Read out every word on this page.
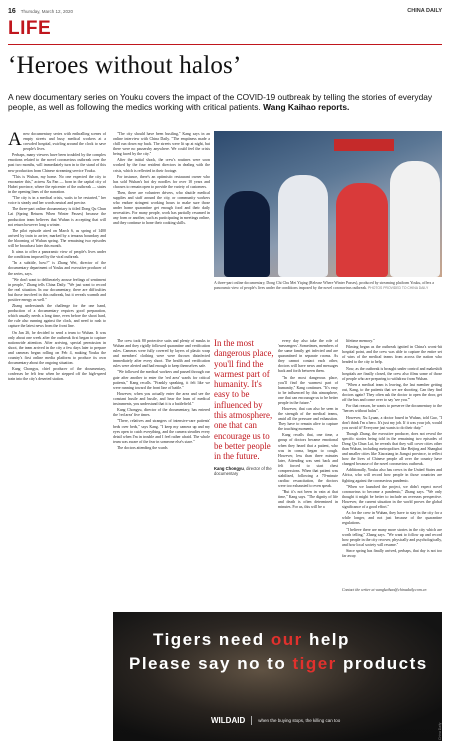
16 Thursday, March 12, 2020	CHINA DAILY
LIFE
‘Heroes without halos’
A new documentary series on Youku covers the impact of the COVID-19 outbreak by telling the stories of everyday people, as well as following the medics working with critical patients. Wang Kaihao reports.

Anew documentary series with enthralling scenes of empty streets and busy medical workers at a crowded hospital, swirling around the clock to save people's lives.

Perhaps, many viewers have been troubled by the complex emotions related to the novel coronavirus outbreak over the past two months, will immediately turn in to the stand of this new production from Chinese streaming service Youku.

"This is Wuhan, my home. No one expected the city to encounter this," actress Xu Fan — born in the capital city of Hubei province, where the epicenter of the outbreak — states in the opening lines of the narration.

"The city is in a medical crisis, waits to be restarted," her voice is steady and her words neutral and precise.

The three-part online documentary is titled Dong Qu Chun Lai (Spring Returns When Winter Passes) because the production team believes that Wuhan is accepting that will not return however long a winter.

The pilot episode aired on March 6, as spring of 1400 arrived by train to arrive, marked by a tenuous boundary and the blooming of Wuhan spring. The remaining two episodes will be broadcast later this month.

It aims to offer a panoramic view of people's lives under the conditions imposed by the viral outbreak.

"In a subtitle, how?" is Zhang Wei, director of the documentary department of Youku and executive producer of the series, says.

"We don't want to deliberately arouse feelings of sentiment in people," Zhang tells China Daily. "We just want to record the real situation. In our documentary, there are difficulties but those involved in this outbreak, but it reveals warmth and positive energy as well."

Zhang understands the challenge for the one hand, production of a documentary requires good preparation, which usually needs a long time, even before the shoot hard, the rule also running against the clock, and need to rush to capture the latest news from the front line.

On Jan 26, he decided to send a team to Wuhan. It was only about one week after the outbreak first began to capture nationwide attention. After arriving, special permission in shoot, the team arrived in the city a few days later to prepare and cameras began rolling on Feb 4, making Youku the country's first online media platform to produce its own documentary about the ongoing situation.

Kang Chongyu, chief producer of the documentary, confesses he felt fear when he stepped off the high-speed train into the city's deserted station.

"The city should have been bustling," Kang says in an online interview with China Daily. "The emptiness made a chill run down my back. The streets were lit up at night, but there were no passersby anywhere. We could feel the crisis being faced by the city."

After the initial shock, the crew's routines were soon worked by the four resident directors in dealing with the crisis, which is reflected in their footage.

For instance, there's an optimistic restaurant owner who has sold Wuhan's hot dry noodles for over 10 years and chooses to remain open to provide the variety of customers.

Then, there are volunteer drivers, who shuttle medical supplies and staff around the city, or community workers who endure stringent working hours to make sure those under home quarantine get enough food and their daily necessities. For many people, work has partially resumed in any form or another, such as participating in meetings online, and they continue to hone their cooking skills.

A three-part online documentary, Dong Chi Chu Mei Yiqing (Release Where Winter Passes), produced by streaming platform Youku, offers a panoramic view of people's lives under the conditions imposed by the novel coronavirus outbreak. PHOTOS PROVIDED TO CHINA DAILY

The crew took 80 protective suits and plenty of masks to Wuhan and they rigidly followed quarantine and verification rules. Cameras were fully covered by layers of plastic wrap and members' clothing were were thrown disinfected immediately after every shoot. The health and verification rules were alerted and had enough to keep themselves safe.

"We followed the medical workers and passed through our gate after another to enter the 'red area' wards for critical patients," Kang recalls. "Frankly speaking, it felt like we were running toward the front line of battle."

However, when you actually enter the area and see the constant hustle and bustle, and hear the hum of medical instruments, you understand that it is a battlefield."

Kang Chongyu, director of the documentary, has entered the 'red area' five times.

"There, relatives and strangers of intensive-care patients' beds over beds," says Kang. "I keep my camera up and my eyes open to catch everything, and the camera steadies every detail when I'm in trouble and I feel rather afraid. The whole team was aware of the fear in someone else's stare."

The doctors attending the wards

In the most dangerous place, you'll find the warmest part of humanity. It's easy to be influenced by this atmosphere, one that can encourage us to be better people in the future.
Kang Chongyu, director of the documentary

every day also take the role of 'messengers'. Sometimes, members of the same family get infected and are quarantined in separate rooms. As they cannot contact each other, doctors will have news and messages back and forth between them.

"In the most dangerous place, you'll find the warmest part of humanity," Kang continues. "It's easy to be influenced by this atmosphere, one that can encourage us to be better people in the future."

However, that can also be seen in the strength of the medical teams, amid all the pressure and exhaustion. They have to remain alive to capture the touching moments.

Kang recalls that, one time, a group of doctors became emotional when they heard that a patient, who was in coma, began to cough. However, less than three minutes later, Attending was sent back and felt forced to start chest compressions. When that patient was stabilized, following a 70-minute cardiac resuscitation, the doctors were too exhausted to even speak.

"But it's not been in vain at that time," Kang says. "The dignity of life and death is often determined in minutes. For us, this will be a

lifetime memory."

Filming began as the outbreak ignited in China's worst-hit hospital point, and the crew was able to capture the entire set of wins of the medical teams from across the nation who headed to the city to help.

Now, as the outbreak is brought under control and makeshift hospitals are finally closed, the crew also films some of those of people who are preparing to withdraw from Wuhan.

"When a medical team is leaving, the last member getting out, Kang, to the patients that we are shooting. Can they find doctors again? They often ask the doctor to open the door, get off the bus and come over to say 'see you.'"

For that reason, he wants to preserve the documentary to the "heroes without halos".

However, Xu Lyuan, a doctor based in Wuhan, told Guo, "I don't think I'm a hero. It's just my job. If it was your job, would you avoid it? Everyone just wants to do their duty."

Though Zhang, the executive producer, does not reveal the specific stories being told in the remaining two episodes of Dong Qu Chun Lai, he reveals that they will cover cities other than Wuhan, including metropolises like Beijing and Shanghai and smaller cities like Xiaoxiang in Jiangxi province, to reflect how the lives of Chinese people all over the country have changed because of the novel coronavirus outbreak.

Additionally, Youku also has crews in the United States and Africa, who will record how people in those countries are fighting against the coronavirus pandemic.

"When we launched the project, we didn't expect novel coronavirus to become a pandemic," Zhang says. "We only thought it might be better to include an overseas perspective. However, the current situation in the world proves the global significance of a good effort."

As for the crew in Wuhan, they have to stay in the city for a while longer, and not just because of the quarantine regulations.

"I believe there are many more stories in the city which are worth telling," Zhang says. "We want to follow up and record how people in the city recover, physically and psychologically, and how local society will resume."

Since spring has finally arrived, perhaps, that day is not too far away.

Contact the writer at wangkaihao@chinadaily.com.cn
Tigers need our help
Please say no to tiger products
WILDAID	when the buying stops, the killing can too
China Daily
